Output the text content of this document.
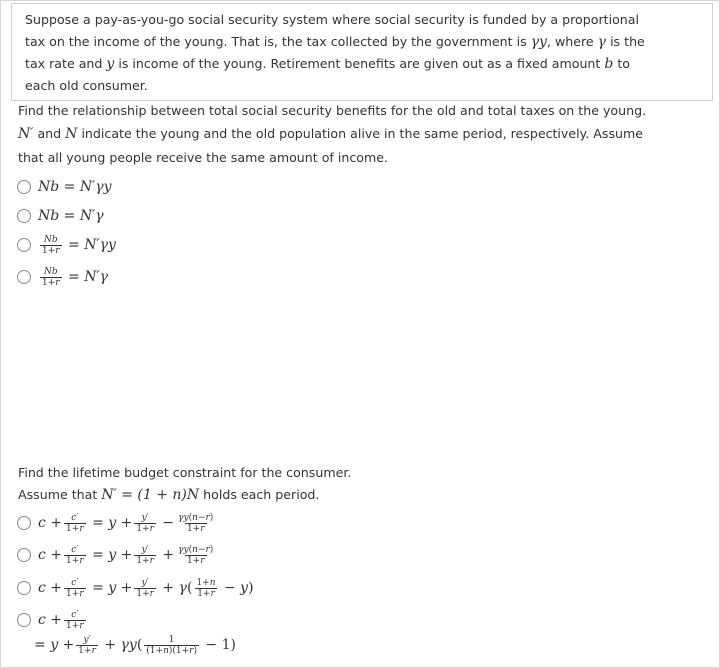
Suppose a pay-as-you-go social security system where social security is funded by a proportional
tax on the income of the young. That is, the tax collected by the government is γy, where γ is the
tax rate and y is income of the young. Retirement benefits are given out as a fixed amount b to
each old consumer.
Find the relationship between total social security benefits for the old and total taxes on the young.
N′ and N indicate the young and the old population alive in the same period, respectively. Assume
that all young people receive the same amount of income.
Nb = N′γy
Nb = N′γ
$\frac{Nb}{1+r} = N'\gamma y$
$\frac{Nb}{1+r} = N'\gamma$
Find the lifetime budget constraint for the consumer.
Assume that N′ = (1 + n)N holds each period.
$c + \frac{c'}{1+r} = y + \frac{y'}{1+r} - \frac{\gamma y(n-r)}{1+r}$
$c + \frac{c'}{1+r} = y + \frac{y'}{1+r} + \frac{\gamma y(n-r)}{1+r}$
$c + \frac{c'}{1+r} = y + \frac{y'}{1+r} + \gamma$ ( $\frac{1+n}{1+r} - y$ )
$c + \frac{c'}{1+r}$
= $y + \frac{y'}{1+r} + \gamma y$ ( $\frac{1}{(1+n)(1+r)} - 1$)
